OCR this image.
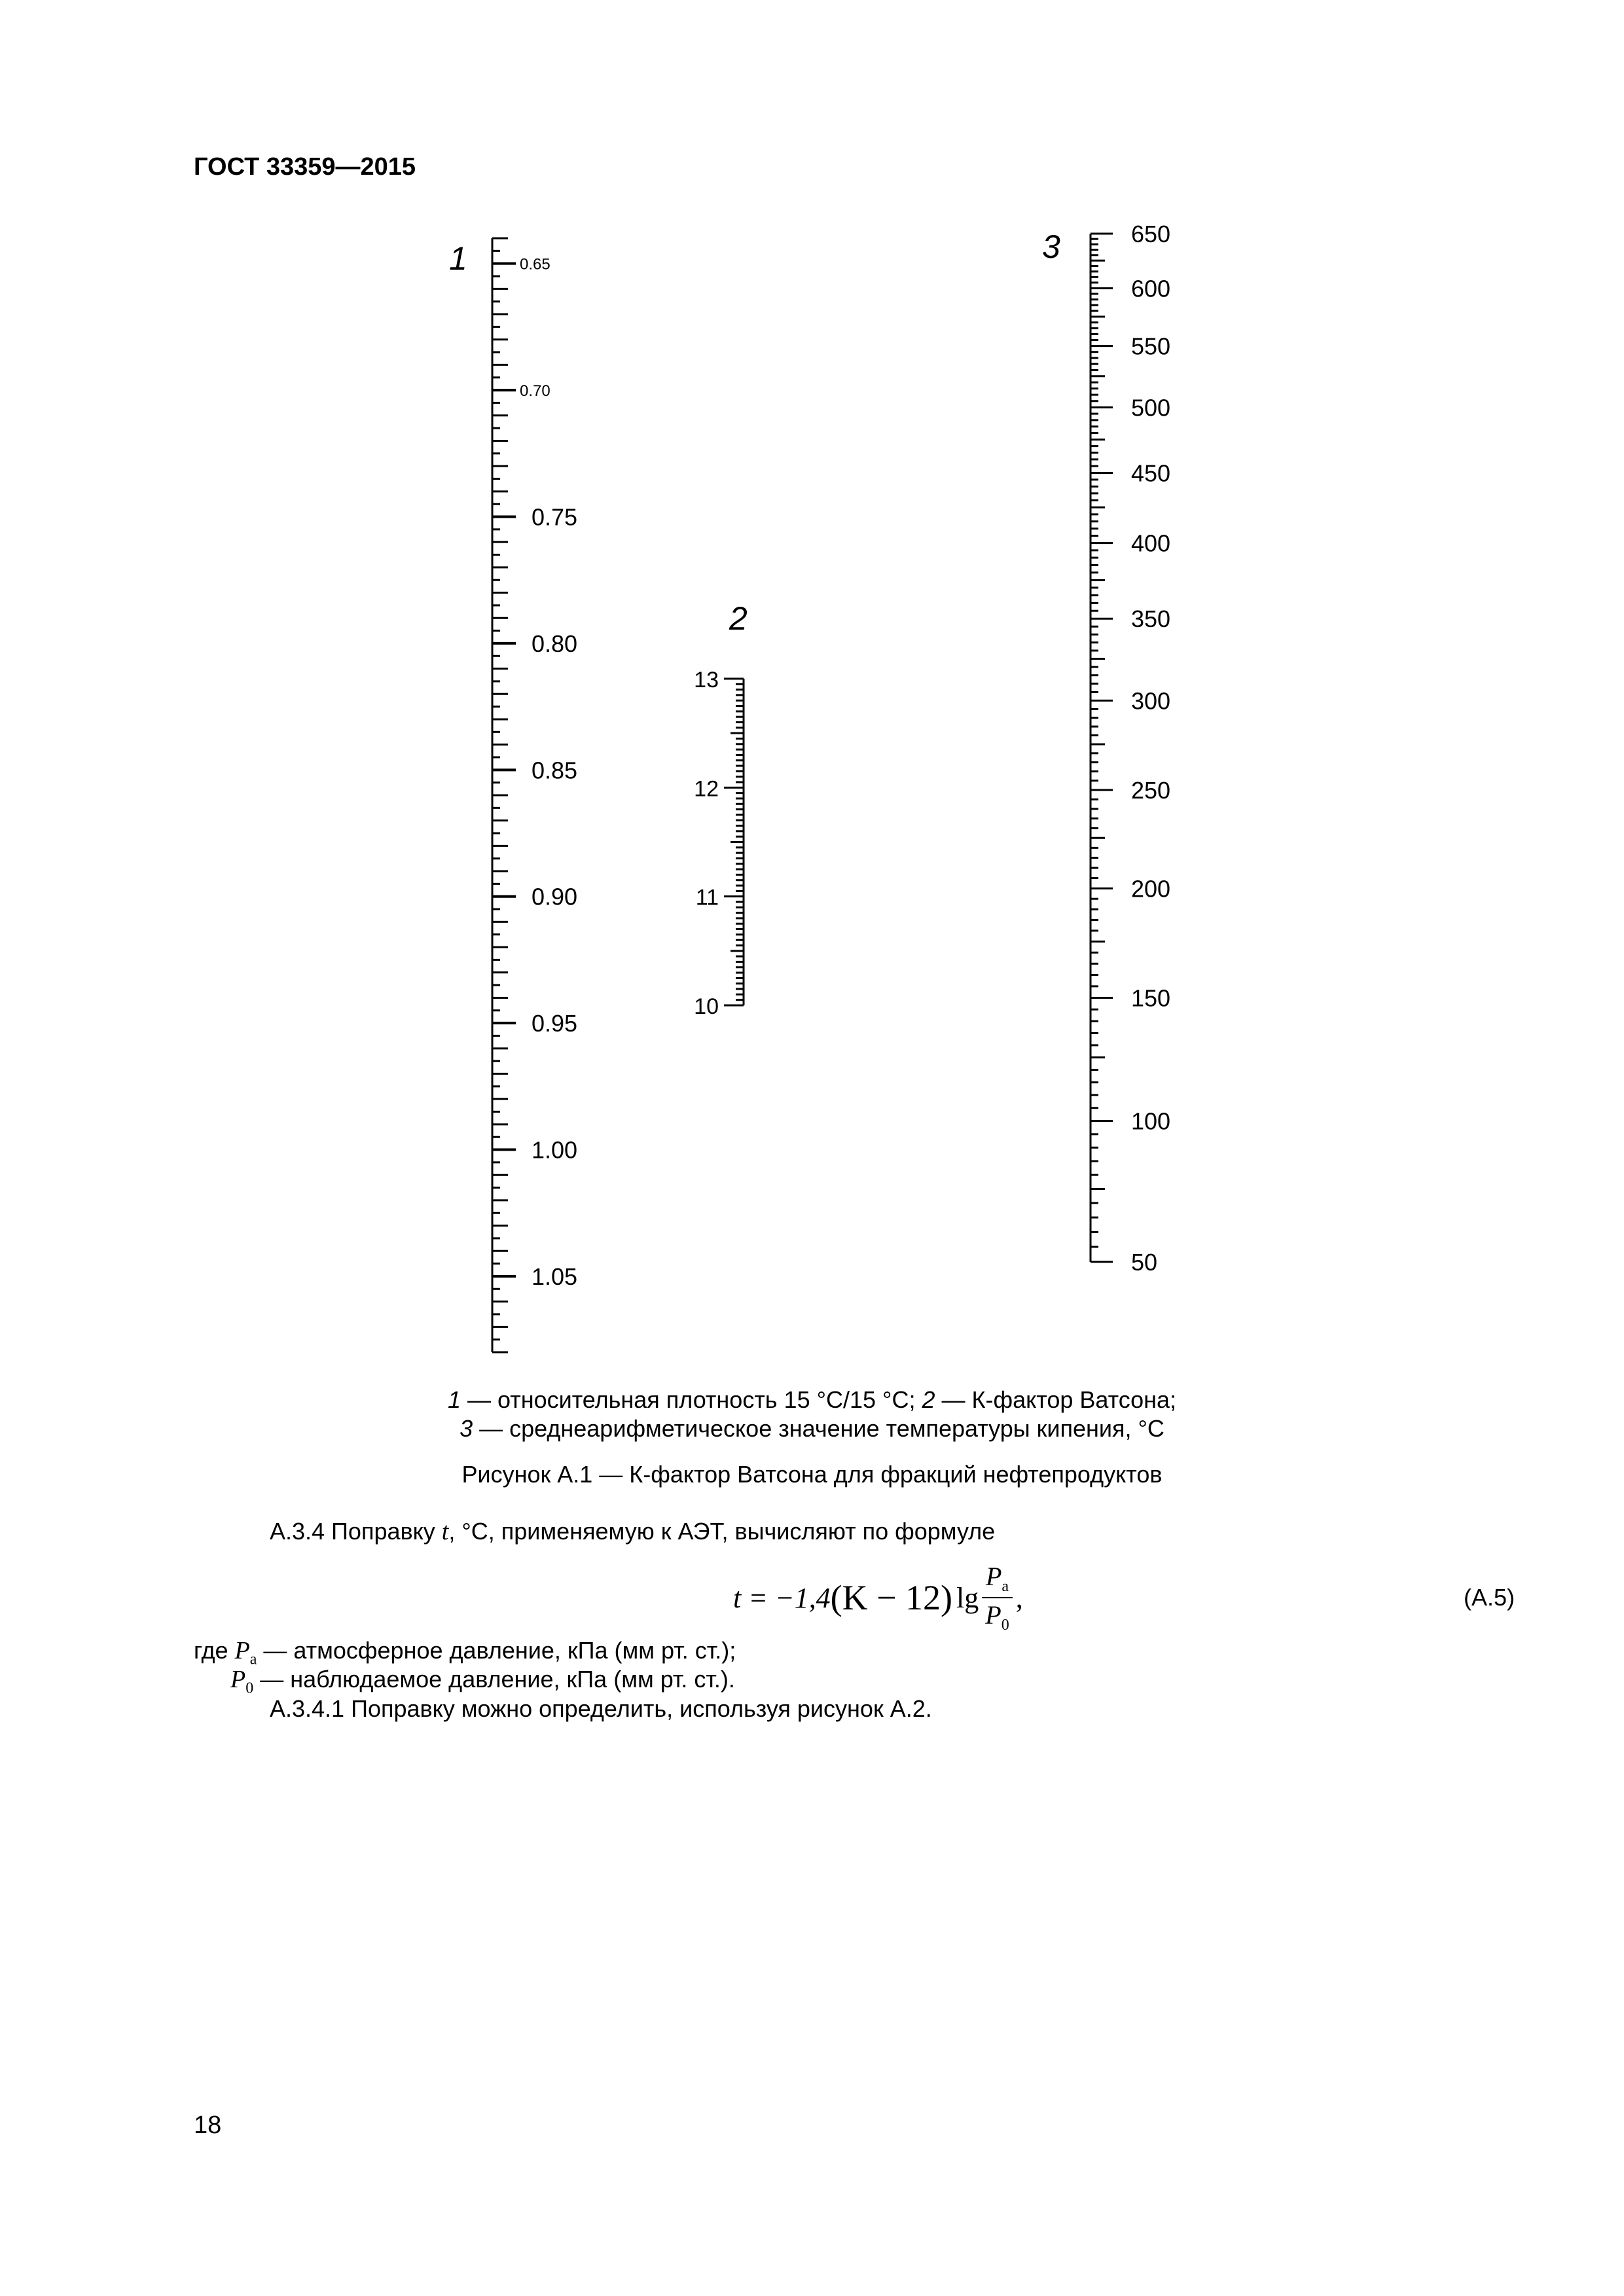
ГОСТ 33359—2015
0.65
0.70
0.75
0.80
0.85
0.90
0.95
1.00
1.05
1
13
12
11
10
2
650
600
550
500
450
400
350
300
250
200
150
100
50
3
1 — относительная плотность 15 °С/15 °С; 2 — К-фактор Ватсона;
3 — среднеарифметическое значение температуры кипения, °С
Рисунок А.1 — К-фактор Ватсона для фракций нефтепродуктов
А.3.4 Поправку t, °С, применяемую к АЭТ, вычисляют по формуле
t = −1,4 (K − 12) $\lg \frac{P_a}{P_0}$ ,	(А.5)
где $P_a$ — атмосферное давление, кПа (мм рт. ст.);
$P_0$ — наблюдаемое давление, кПа (мм рт. ст.).
А.3.4.1 Поправку можно определить, используя рисунок А.2.
18
